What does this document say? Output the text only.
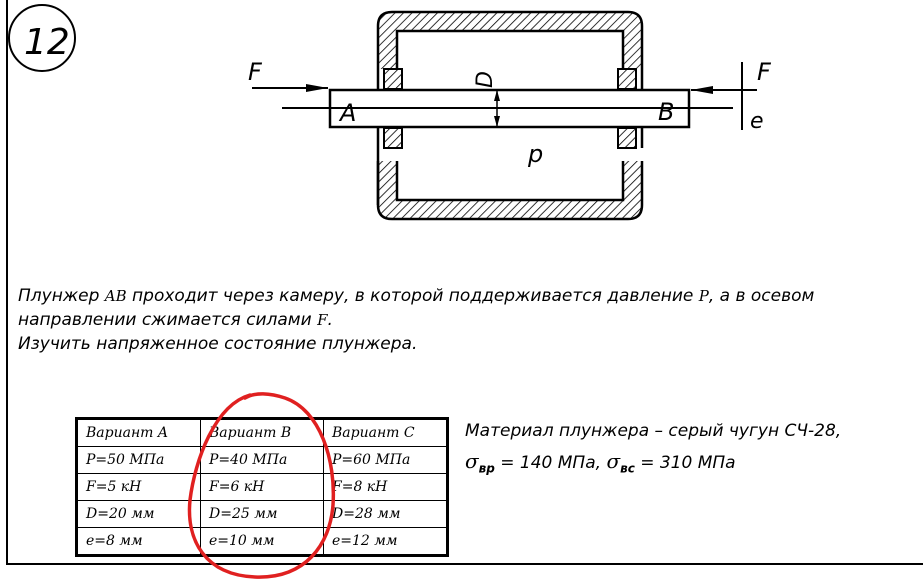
12
F	F
e
D
A	B
p
Плунжер AB проходит через камеру, в которой поддерживается давление P, а в осевом
направлении сжимается силами F.
Изучить напряженное состояние плунжера.
Вариант A	Вариант B	Вариант C
P=50 МПа	P=40 МПа	P=60 МПа
F=5 кН	F=6 кН	F=8 кН
D=20 мм	D=25 мм	D=28 мм
e=8 мм	e=10 мм	e=12 мм
Материал плунжера – серый чугун СЧ-28,
$\sigma_{вр} = 140$ МПа, $\sigma_{вс} = 310$ МПа
